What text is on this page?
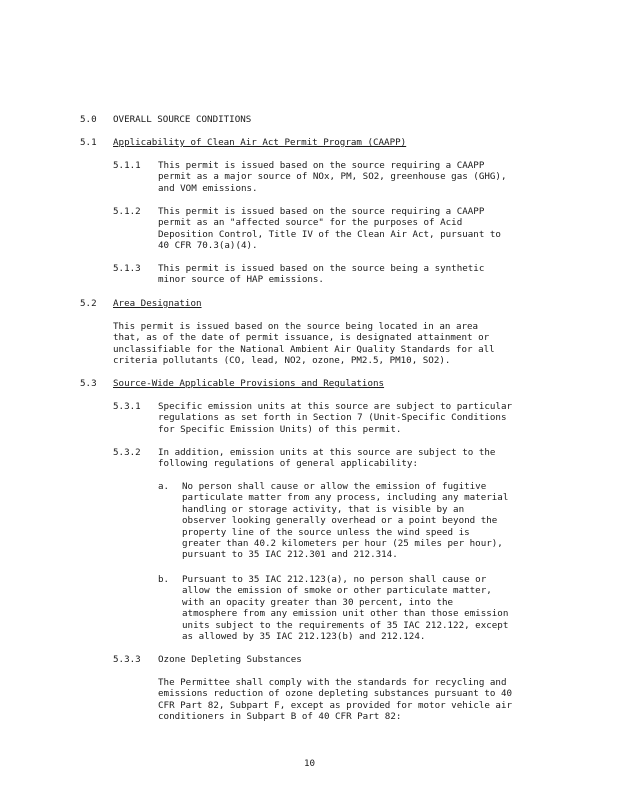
5.0 OVERALL SOURCE CONDITIONS
5.1 Applicability of Clean Air Act Permit Program (CAAPP)
5.1.1 This permit is issued based on the source requiring a CAAPP
permit as a major source of NOx, PM, SO2, greenhouse gas (GHG),
and VOM emissions.
5.1.2 This permit is issued based on the source requiring a CAAPP
permit as an "affected source" for the purposes of Acid
Deposition Control, Title IV of the Clean Air Act, pursuant to
40 CFR 70.3(a)(4).
5.1.3 This permit is issued based on the source being a synthetic
minor source of HAP emissions.
5.2 Area Designation
This permit is issued based on the source being located in an area
that, as of the date of permit issuance, is designated attainment or
unclassifiable for the National Ambient Air Quality Standards for all
criteria pollutants (CO, lead, NO2, ozone, PM2.5, PM10, SO2).
5.3 Source-Wide Applicable Provisions and Regulations
5.3.1 Specific emission units at this source are subject to particular
regulations as set forth in Section 7 (Unit-Specific Conditions
for Specific Emission Units) of this permit.
5.3.2 In addition, emission units at this source are subject to the
following regulations of general applicability:
a. No person shall cause or allow the emission of fugitive
particulate matter from any process, including any material
handling or storage activity, that is visible by an
observer looking generally overhead or a point beyond the
property line of the source unless the wind speed is
greater than 40.2 kilometers per hour (25 miles per hour),
pursuant to 35 IAC 212.301 and 212.314.
b. Pursuant to 35 IAC 212.123(a), no person shall cause or
allow the emission of smoke or other particulate matter,
with an opacity greater than 30 percent, into the
atmosphere from any emission unit other than those emission
units subject to the requirements of 35 IAC 212.122, except
as allowed by 35 IAC 212.123(b) and 212.124.
5.3.3 Ozone Depleting Substances
The Permittee shall comply with the standards for recycling and
emissions reduction of ozone depleting substances pursuant to 40
CFR Part 82, Subpart F, except as provided for motor vehicle air
conditioners in Subpart B of 40 CFR Part 82:
10
